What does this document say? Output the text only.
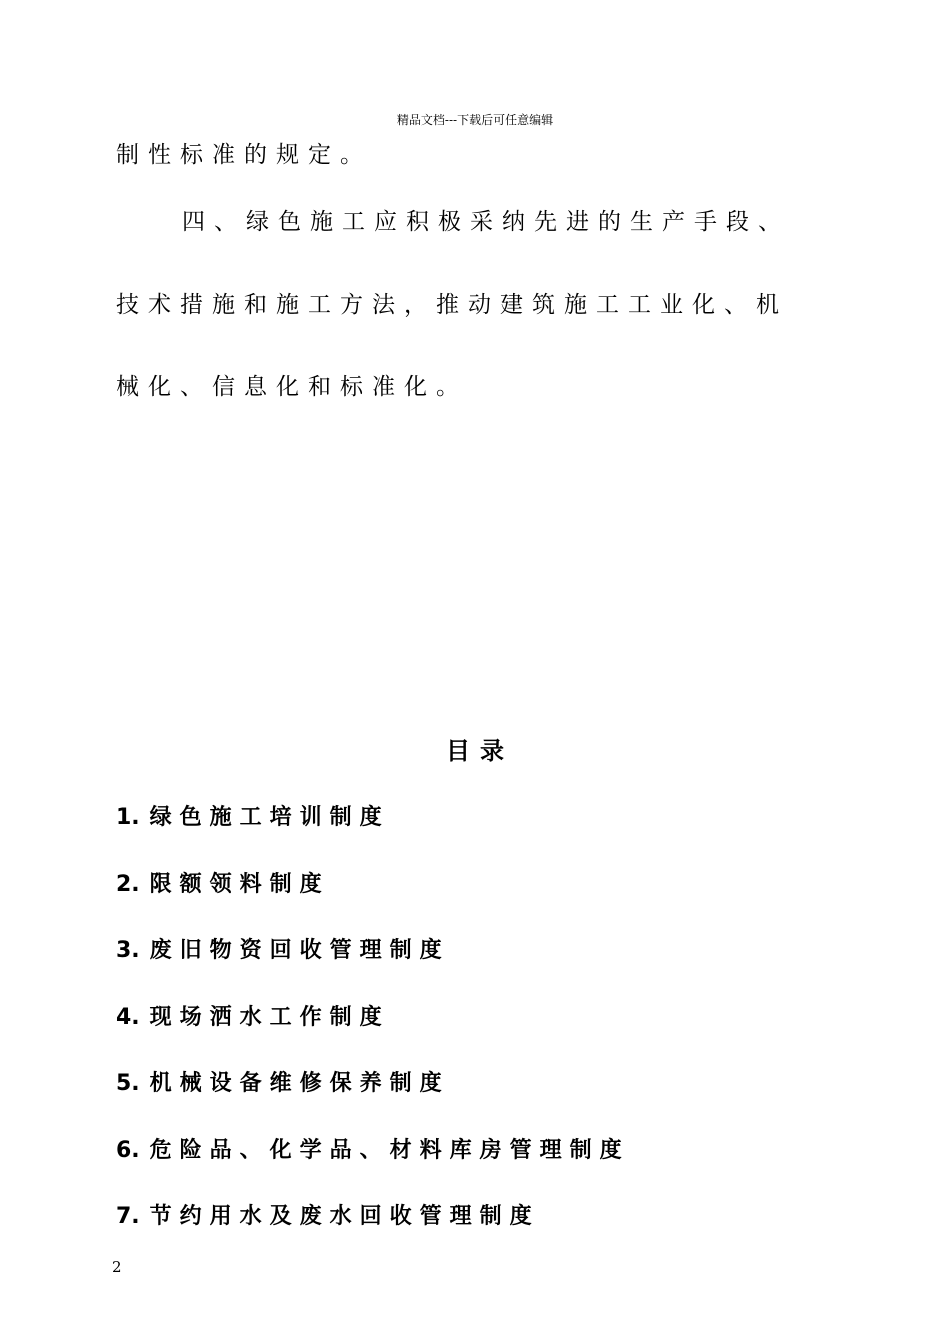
精品文档---下载后可任意编辑

制性标准的规定。

四、绿色施工应积极采纳先进的生产手段、

技术措施和施工方法，推动建筑施工工业化、机

械化、信息化和标准化。

目录
1. 绿色施工培训制度
2. 限额领料制度
3. 废旧物资回收管理制度
4. 现场洒水工作制度
5. 机械设备维修保养制度
6. 危险品、化学品、材料库房管理制度
7. 节约用水及废水回收管理制度
2
